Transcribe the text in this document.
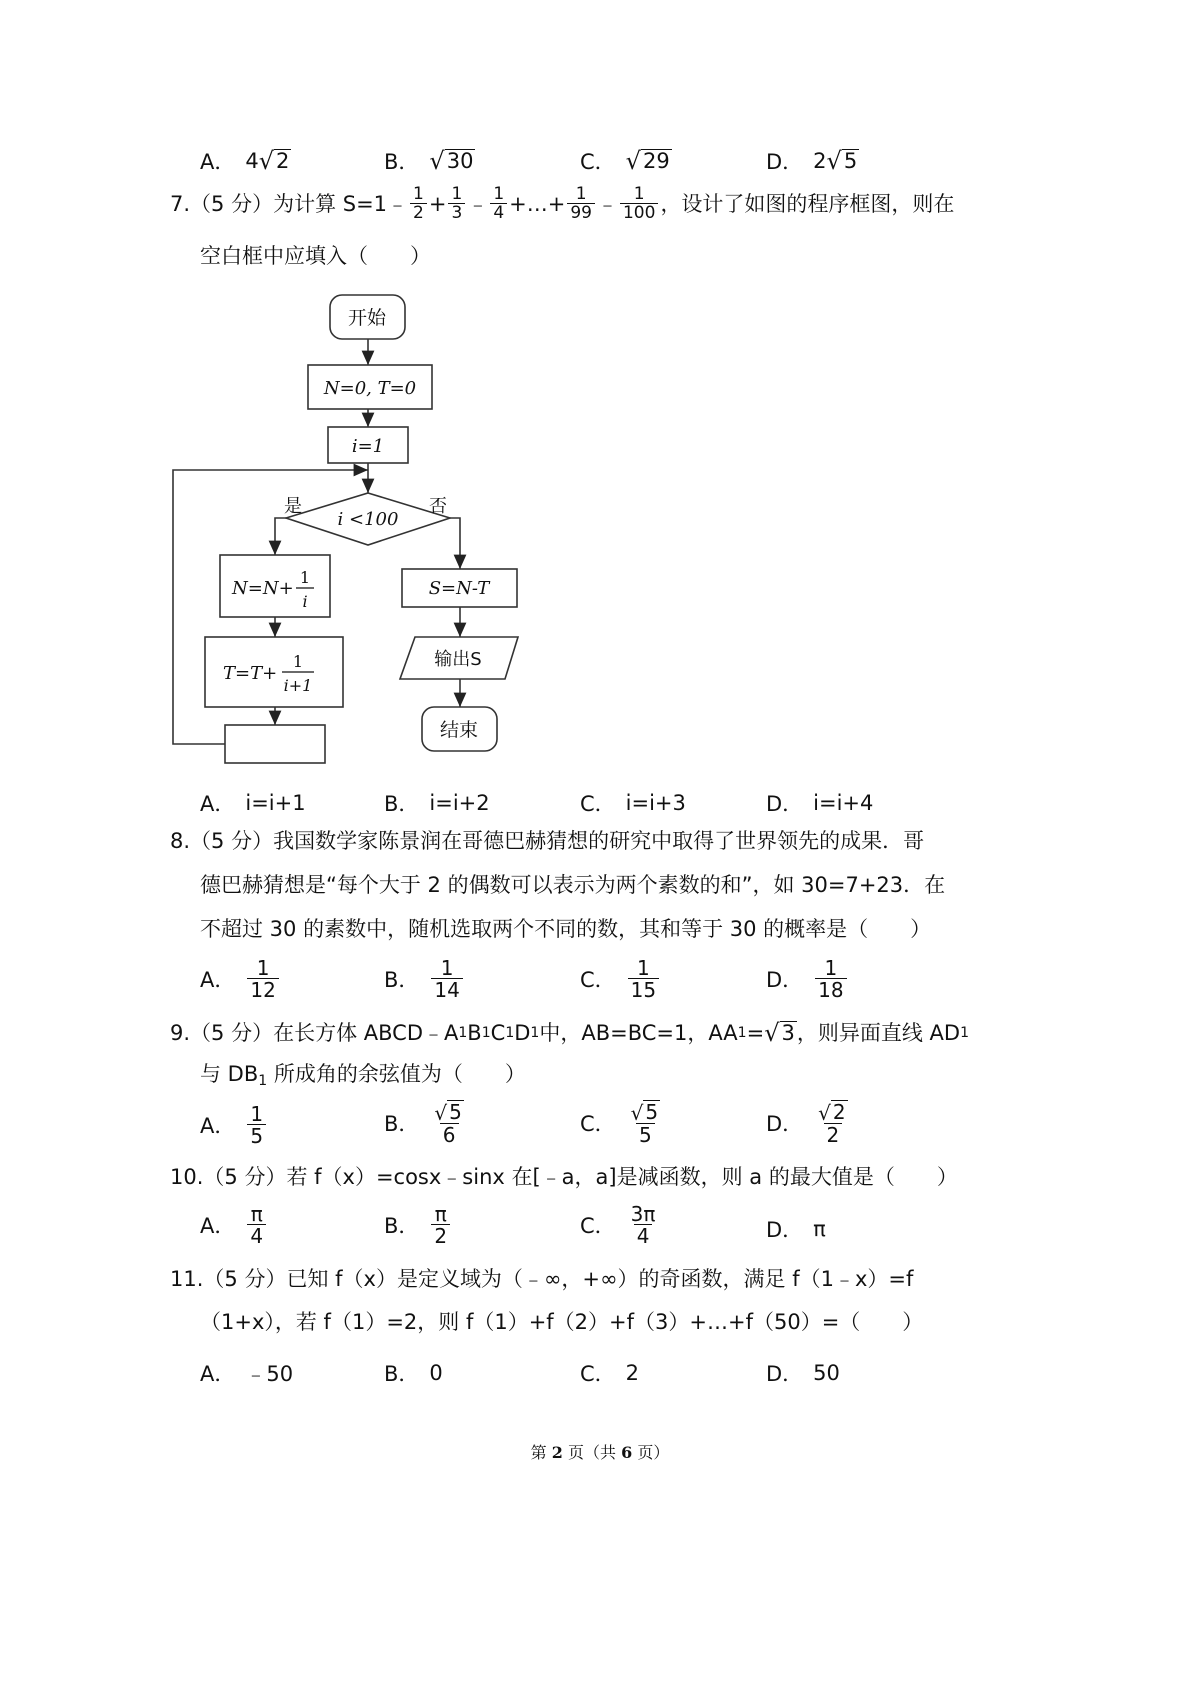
A． 4 √ 2	B． √ 30	C． √ 29	D． 2 √ 5
7. （5 分）为计算 S=1﹣ $\frac{1}{2} + \frac{1}{3}$ ﹣ $\frac{1}{4}$ +…+ $\frac{1}{99}$ ﹣ $\frac{1}{100}$ ，设计了如图的程序框图，则在
空白框中应填入（　　）
开始
N=0, T=0
i=1
i <100
是	否
N=N+
1
i
T=T+
1
i+1
S=N-T
输出S
结束
A． i=i+1	B． i=i+2	C． i=i+3	D． i=i+4
8.（5 分）我国数学家陈景润在哥德巴赫猜想的研究中取得了世界领先的成果．哥
德巴赫猜想是“每个大于 2 的偶数可以表示为两个素数的和”，如 30=7+23．在
不超过 30 的素数中，随机选取两个不同的数，其和等于 30 的概率是（　　）
A． $\frac{1}{12}$	B． $\frac{1}{14}$	C． $\frac{1}{15}$	D． $\frac{1}{18}$
9. （5 分）在长方体 ABCD﹣A 1 B 1 C 1 D 1 中，AB=BC=1，AA 1 = √ 3 ，则异面直线 AD 1
与 $DB_1$ 所成角的余弦值为（　　）
A． $\frac{1}{5}$	B． $\frac{√ 5}{6}$	C． $\frac{√ 5}{5}$	D． $\frac{√ 2}{2}$
10.（5 分）若 f（x）=cosx﹣sinx 在[﹣a，a]是减函数，则 a 的最大值是（　　）
A． $\frac{\pi}{4}$	B． $\frac{\pi}{2}$	C． $\frac{3\pi}{4}$	D． π
11.（5 分）已知 f（x）是定义域为（﹣∞，+∞）的奇函数，满足 f（1﹣x）=f
（1+x），若 f（1）=2，则 f（1）+f（2）+f（3）+…+f（50）=（　　）
A． ﹣50	B． 0	C． 2	D． 50
第 2 页（共 6 页）
